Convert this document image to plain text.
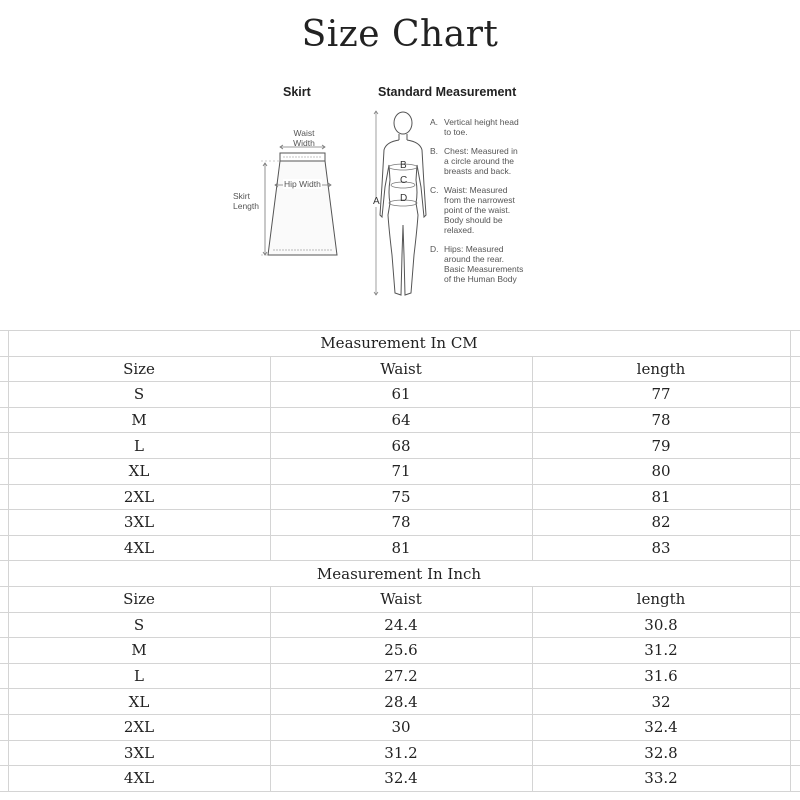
Size Chart
Skirt	Standard Measurement
Waist
Width
Hip Width
Skirt
Length	A
B
C
D
A. Vertical height head
to toe.
B. Chest: Measured in
a circle around the
breasts and back.
C. Waist: Measured
from the narrowest
point of the waist.
Body should be
relaxed.
D. Hips: Measured
around the rear.
Basic Measurements
of the Human Body
	Measurement In CM			
	Size	Waist	length	
	S	61	77	
	M	64	78	
	L	68	79	
	XL	71	80	
	2XL	75	81	
	3XL	78	82	
	4XL	81	83	
	Measurement In Inch			
	Size	Waist	length	
	S	24.4	30.8	
	M	25.6	31.2	
	L	27.2	31.6	
	XL	28.4	32	
	2XL	30	32.4	
	3XL	31.2	32.8	
	4XL	32.4	33.2	
